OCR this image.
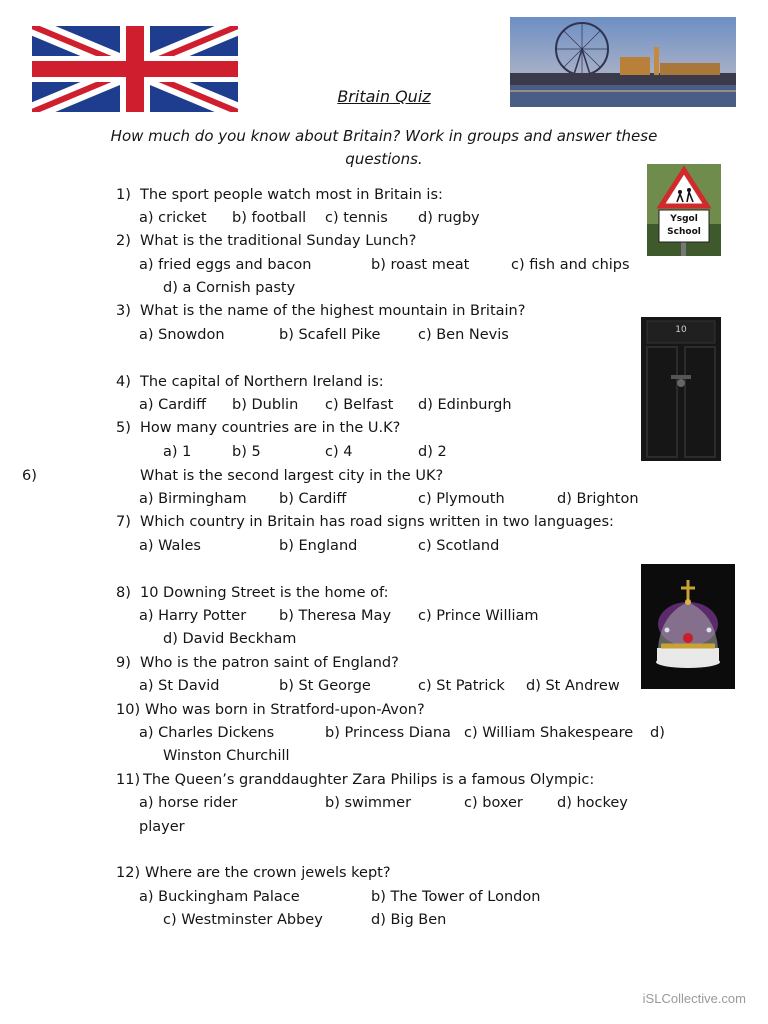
Britain Quiz
How much do you know about Britain? Work in groups and answer these
questions.
Ysgol
School
10
1) The sport people watch most in Britain is:
a) cricket b) football c) tennis d) rugby
2) What is the traditional Sunday Lunch?
a) fried eggs and bacon	b) roast meat	c) fish and chips
d) a Cornish pasty
3) What is the name of the highest mountain in Britain?
a) Snowdon	b) Scafell Pike	c) Ben Nevis
4) The capital of Northern Ireland is:
a) Cardiff b) Dublin c) Belfast d) Edinburgh
5) How many countries are in the U.K?
a) 1	b) 5	c) 4	d) 2
6)	What is the second largest city in the UK?
a) Birmingham b) Cardiff	c) Plymouth	d) Brighton
7) Which country in Britain has road signs written in two languages:
a) Wales	b) England	c) Scotland
8) 10 Downing Street is the home of:
a) Harry Potter b) Theresa May c) Prince William
d) David Beckham
9) Who is the patron saint of England?
a) St David	b) St George	c) St Patrick d) St Andrew
10) Who was born in Stratford-upon-Avon?
a) Charles Dickens	b) Princess Diana c) William Shakespeare d)
Winston Churchill
11) The Queen’s granddaughter Zara Philips is a famous Olympic:
a) horse rider	b) swimmer	c) boxer d) hockey
player
12) Where are the crown jewels kept?
a) Buckingham Palace	b) The Tower of London
c) Westminster Abbey	d) Big Ben
iSLCollective.com
